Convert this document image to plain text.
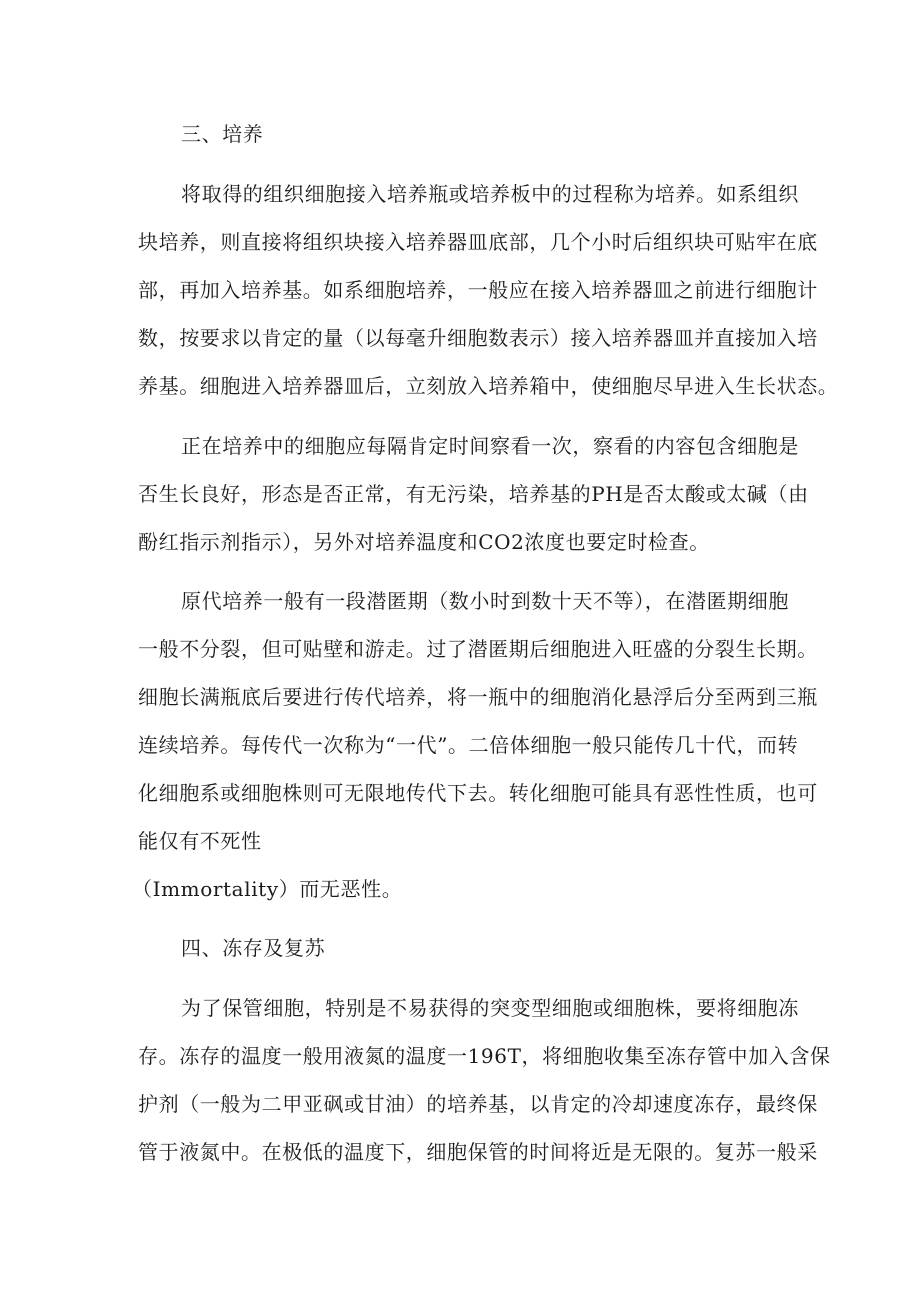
三、培养
将取得的组织细胞接入培养瓶或培养板中的过程称为培养。如系组织
块培养，则直接将组织块接入培养器皿底部，几个小时后组织块可贴牢在底
部，再加入培养基。如系细胞培养，一般应在接入培养器皿之前进行细胞计
数，按要求以肯定的量（以每毫升细胞数表示）接入培养器皿并直接加入培
养基。细胞进入培养器皿后，立刻放入培养箱中，使细胞尽早进入生长状态。
正在培养中的细胞应每隔肯定时间察看一次，察看的内容包含细胞是
否生长良好，形态是否正常，有无污染，培养基的PH是否太酸或太碱（由
酚红指示剂指示），另外对培养温度和CO2浓度也要定时检查。
原代培养一般有一段潜匿期（数小时到数十天不等），在潜匿期细胞
一般不分裂，但可贴壁和游走。过了潜匿期后细胞进入旺盛的分裂生长期。
细胞长满瓶底后要进行传代培养，将一瓶中的细胞消化悬浮后分至两到三瓶
连续培养。每传代一次称为“一代”。二倍体细胞一般只能传几十代，而转
化细胞系或细胞株则可无限地传代下去。转化细胞可能具有恶性性质，也可
能仅有不死性
（Immortality）而无恶性。
四、冻存及复苏
为了保管细胞，特别是不易获得的突变型细胞或细胞株，要将细胞冻
存。冻存的温度一般用液氮的温度一196T，将细胞收集至冻存管中加入含保
护剂（一般为二甲亚砜或甘油）的培养基，以肯定的冷却速度冻存，最终保
管于液氮中。在极低的温度下，细胞保管的时间将近是无限的。复苏一般采
